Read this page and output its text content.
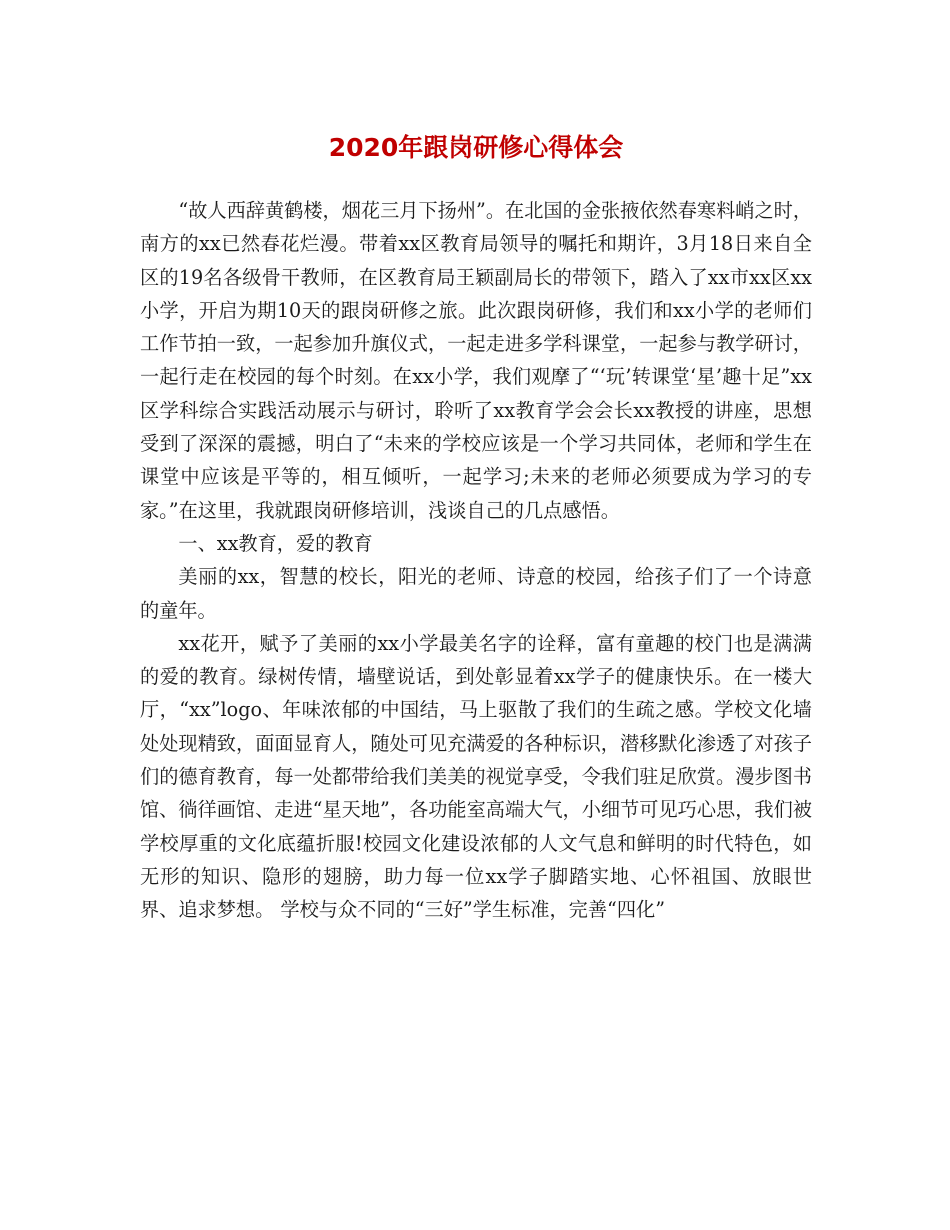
2020年跟岗研修心得体会

“故人西辞黄鹤楼，烟花三月下扬州”。在北国的金张掖依然春寒料峭之时，南方的xx已然春花烂漫。带着xx区教育局领导的嘱托和期许，3月18日来自全区的19名各级骨干教师，在区教育局王颖副局长的带领下，踏入了xx市xx区xx小学，开启为期10天的跟岗研修之旅。此次跟岗研修，我们和xx小学的老师们工作节拍一致，一起参加升旗仪式，一起走进多学科课堂，一起参与教学研讨，一起行走在校园的每个时刻。在xx小学，我们观摩了“‘玩’转课堂‘星’趣十足”xx区学科综合实践活动展示与研讨，聆听了xx教育学会会长xx教授的讲座，思想受到了深深的震撼，明白了“未来的学校应该是一个学习共同体，老师和学生在课堂中应该是平等的，相互倾听，一起学习;未来的老师必须要成为学习的专家。”在这里，我就跟岗研修培训，浅谈自己的几点感悟。

一、xx教育，爱的教育

美丽的xx，智慧的校长，阳光的老师、诗意的校园，给孩子们了一个诗意的童年。

xx花开，赋予了美丽的xx小学最美名字的诠释，富有童趣的校门也是满满的爱的教育。绿树传情，墙壁说话，到处彰显着xx学子的健康快乐。在一楼大厅，“xx”logo、年味浓郁的中国结，马上驱散了我们的生疏之感。学校文化墙处处现精致，面面显育人，随处可见充满爱的各种标识，潜移默化渗透了对孩子们的德育教育，每一处都带给我们美美的视觉享受，令我们驻足欣赏。漫步图书馆、徜徉画馆、走进“星天地”，各功能室高端大气，小细节可见巧心思，我们被学校厚重的文化底蕴折服!校园文化建设浓郁的人文气息和鲜明的时代特色，如无形的知识、隐形的翅膀，助力每一位xx学子脚踏实地、心怀祖国、放眼世界、追求梦想。 学校与众不同的“三好”学生标准，完善“四化”
